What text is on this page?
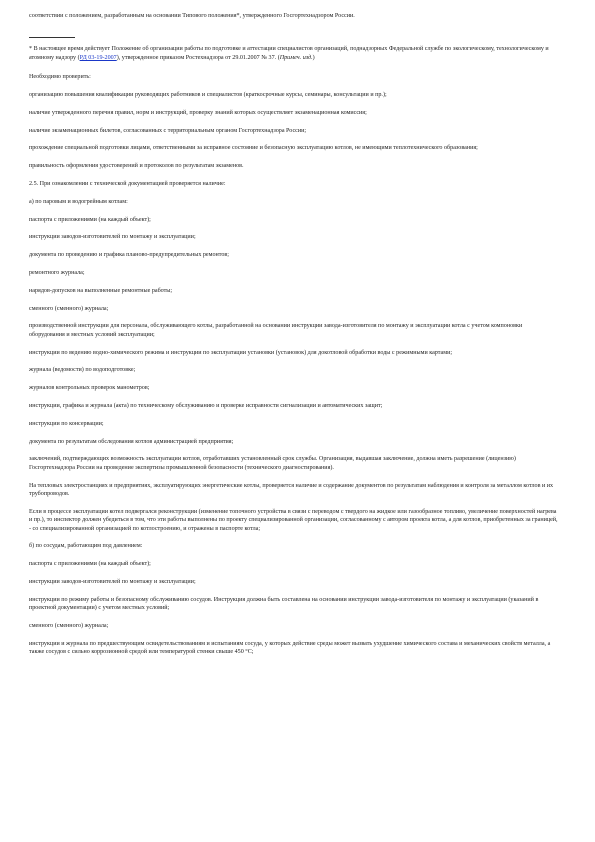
соответствии с положением, разработанным на основании Типового положения*, утвержденного Госгортехнадзором России.

* В настоящее время действует Положение об организации работы по подготовке и аттестации специалистов организаций, поднадзорных Федеральной службе по экологическому, технологическому и атомному надзору (РД 03-19-2007), утвержденное приказом Ростехнадзора от 29.01.2007 № 37. (Примеч. изд.)

Необходимо проверить:

организацию повышения квалификации руководящих работников и специалистов (краткосрочные курсы, семинары, консультации и пр.);

наличие утвержденного перечня правил, норм и инструкций, проверку знаний которых осуществляет экзаменационная комиссия;

наличие экзаменационных билетов, согласованных с территориальным органом Госгортехнадзора России;

прохождение специальной подготовки лицами, ответственными за исправное состояние и безопасную эксплуатацию котлов, не имеющими теплотехнического образования;

правильность оформления удостоверений и протоколов по результатам экзаменов.

2.5. При ознакомлении с технической документацией проверяется наличие:

а) по паровым и водогрейным котлам:

паспорта с приложениями (на каждый объект);

инструкции заводов-изготовителей по монтажу и эксплуатации;

документа по проведению и графика планово-предупредительных ремонтов;

ремонтного журнала;

нарядов-допусков на выполненные ремонтные работы;

сменного (сменного) журнала;

производственной инструкции для персонала, обслуживающего котлы, разработанной на основании инструкции завода-изготовителя по монтажу и эксплуатации котла с учетом компоновки оборудования и местных условий эксплуатации;

инструкции по ведению водно-химического режима и инструкции по эксплуатации установки (установок) для докотловой обработки воды с режимными картами;

журнала (ведомости) по водоподготовке;

журналов контрольных проверок манометров;

инструкции, графика и журнала (акта) по техническому обслуживанию и проверке исправности сигнализации и автоматических защит;

инструкции по консервации;

документа по результатам обследования котлов администрацией предприятия;

заключений, подтверждающих возможность эксплуатации котлов, отработавших установленный срок службы. Организация, выдавшая заключение, должна иметь разрешение (лицензию) Госгортехнадзора России на проведение экспертизы промышленной безопасности (технического диагностирования).

На тепловых электростанциях и предприятиях, эксплуатирующих энергетические котлы, проверяется наличие и содержание документов по результатам наблюдения и контроля за металлом котлов и их трубопроводов.

Если в процессе эксплуатации котел подвергался реконструкции (изменение топочного устройства в связи с переводом с твердого на жидкое или газообразное топливо, увеличение поверхностей нагрева и пр.), то инспектор должен убедиться в том, что эти работы выполнены по проекту специализированной организации, согласованному с автором проекта котла, а для котлов, приобретенных за границей, - со специализированной организацией по котлостроению, и отражены в паспорте котла;

б) по сосудам, работающим под давлением:

паспорта с приложениями (на каждый объект);

инструкции заводов-изготовителей по монтажу и эксплуатации;

инструкции по режиму работы и безопасному обслуживанию сосудов. Инструкция должна быть составлена на основании инструкции завода-изготовителя по монтажу и эксплуатации (указаний в проектной документации) с учетом местных условий;

сменного (сменного) журнала;

инструкции и журнала по предшествующим освидетельствованиям и испытаниям сосуда, у которых действие среды может вызвать ухудшение химического состава и механических свойств металла, а также сосудов с сильно коррозионной средой или температурой стенки свыше 450 °С;
